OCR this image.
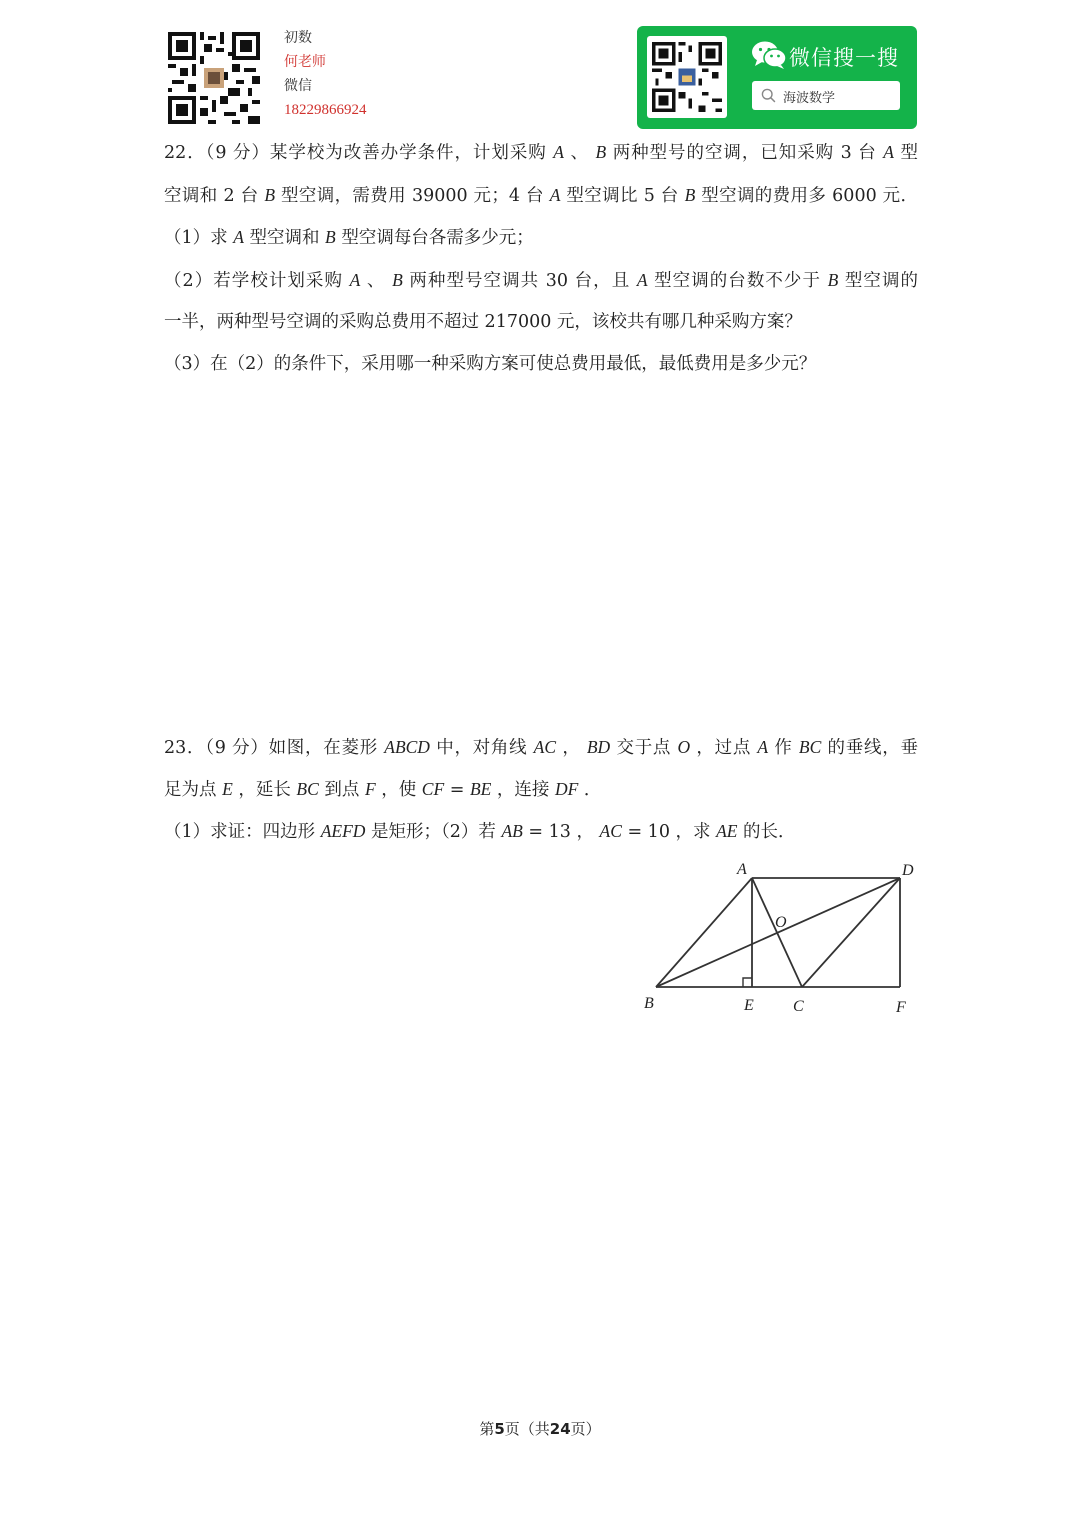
初数
何老师
微信
18229866924
微信搜一搜
海波数学
22．（9 分）某学校为改善办学条件，计划采购 A 、 B 两种型号的空调，已知采购 3 台 A 型
空调和 2 台 B 型空调，需费用 39000 元；4 台 A 型空调比 5 台 B 型空调的费用多 6000 元．
（1）求 A 型空调和 B 型空调每台各需多少元；
（2）若学校计划采购 A 、 B 两种型号空调共 30 台，且 A 型空调的台数不少于 B 型空调的
一半，两种型号空调的采购总费用不超过 217000 元，该校共有哪几种采购方案？
（3）在（2）的条件下，采用哪一种采购方案可使总费用最低，最低费用是多少元？
23．（9 分）如图，在菱形 ABCD 中，对角线 AC ， BD 交于点 O ，过点 A 作 BC 的垂线，垂
足为点 E ，延长 BC 到点 F ，使 CF = BE ，连接 DF ．
（1）求证：四边形 AEFD 是矩形；（2）若 AB = 13 ， AC = 10 ，求 AE 的长．
A	D
O
B	E C	F
第5页（共24页）
